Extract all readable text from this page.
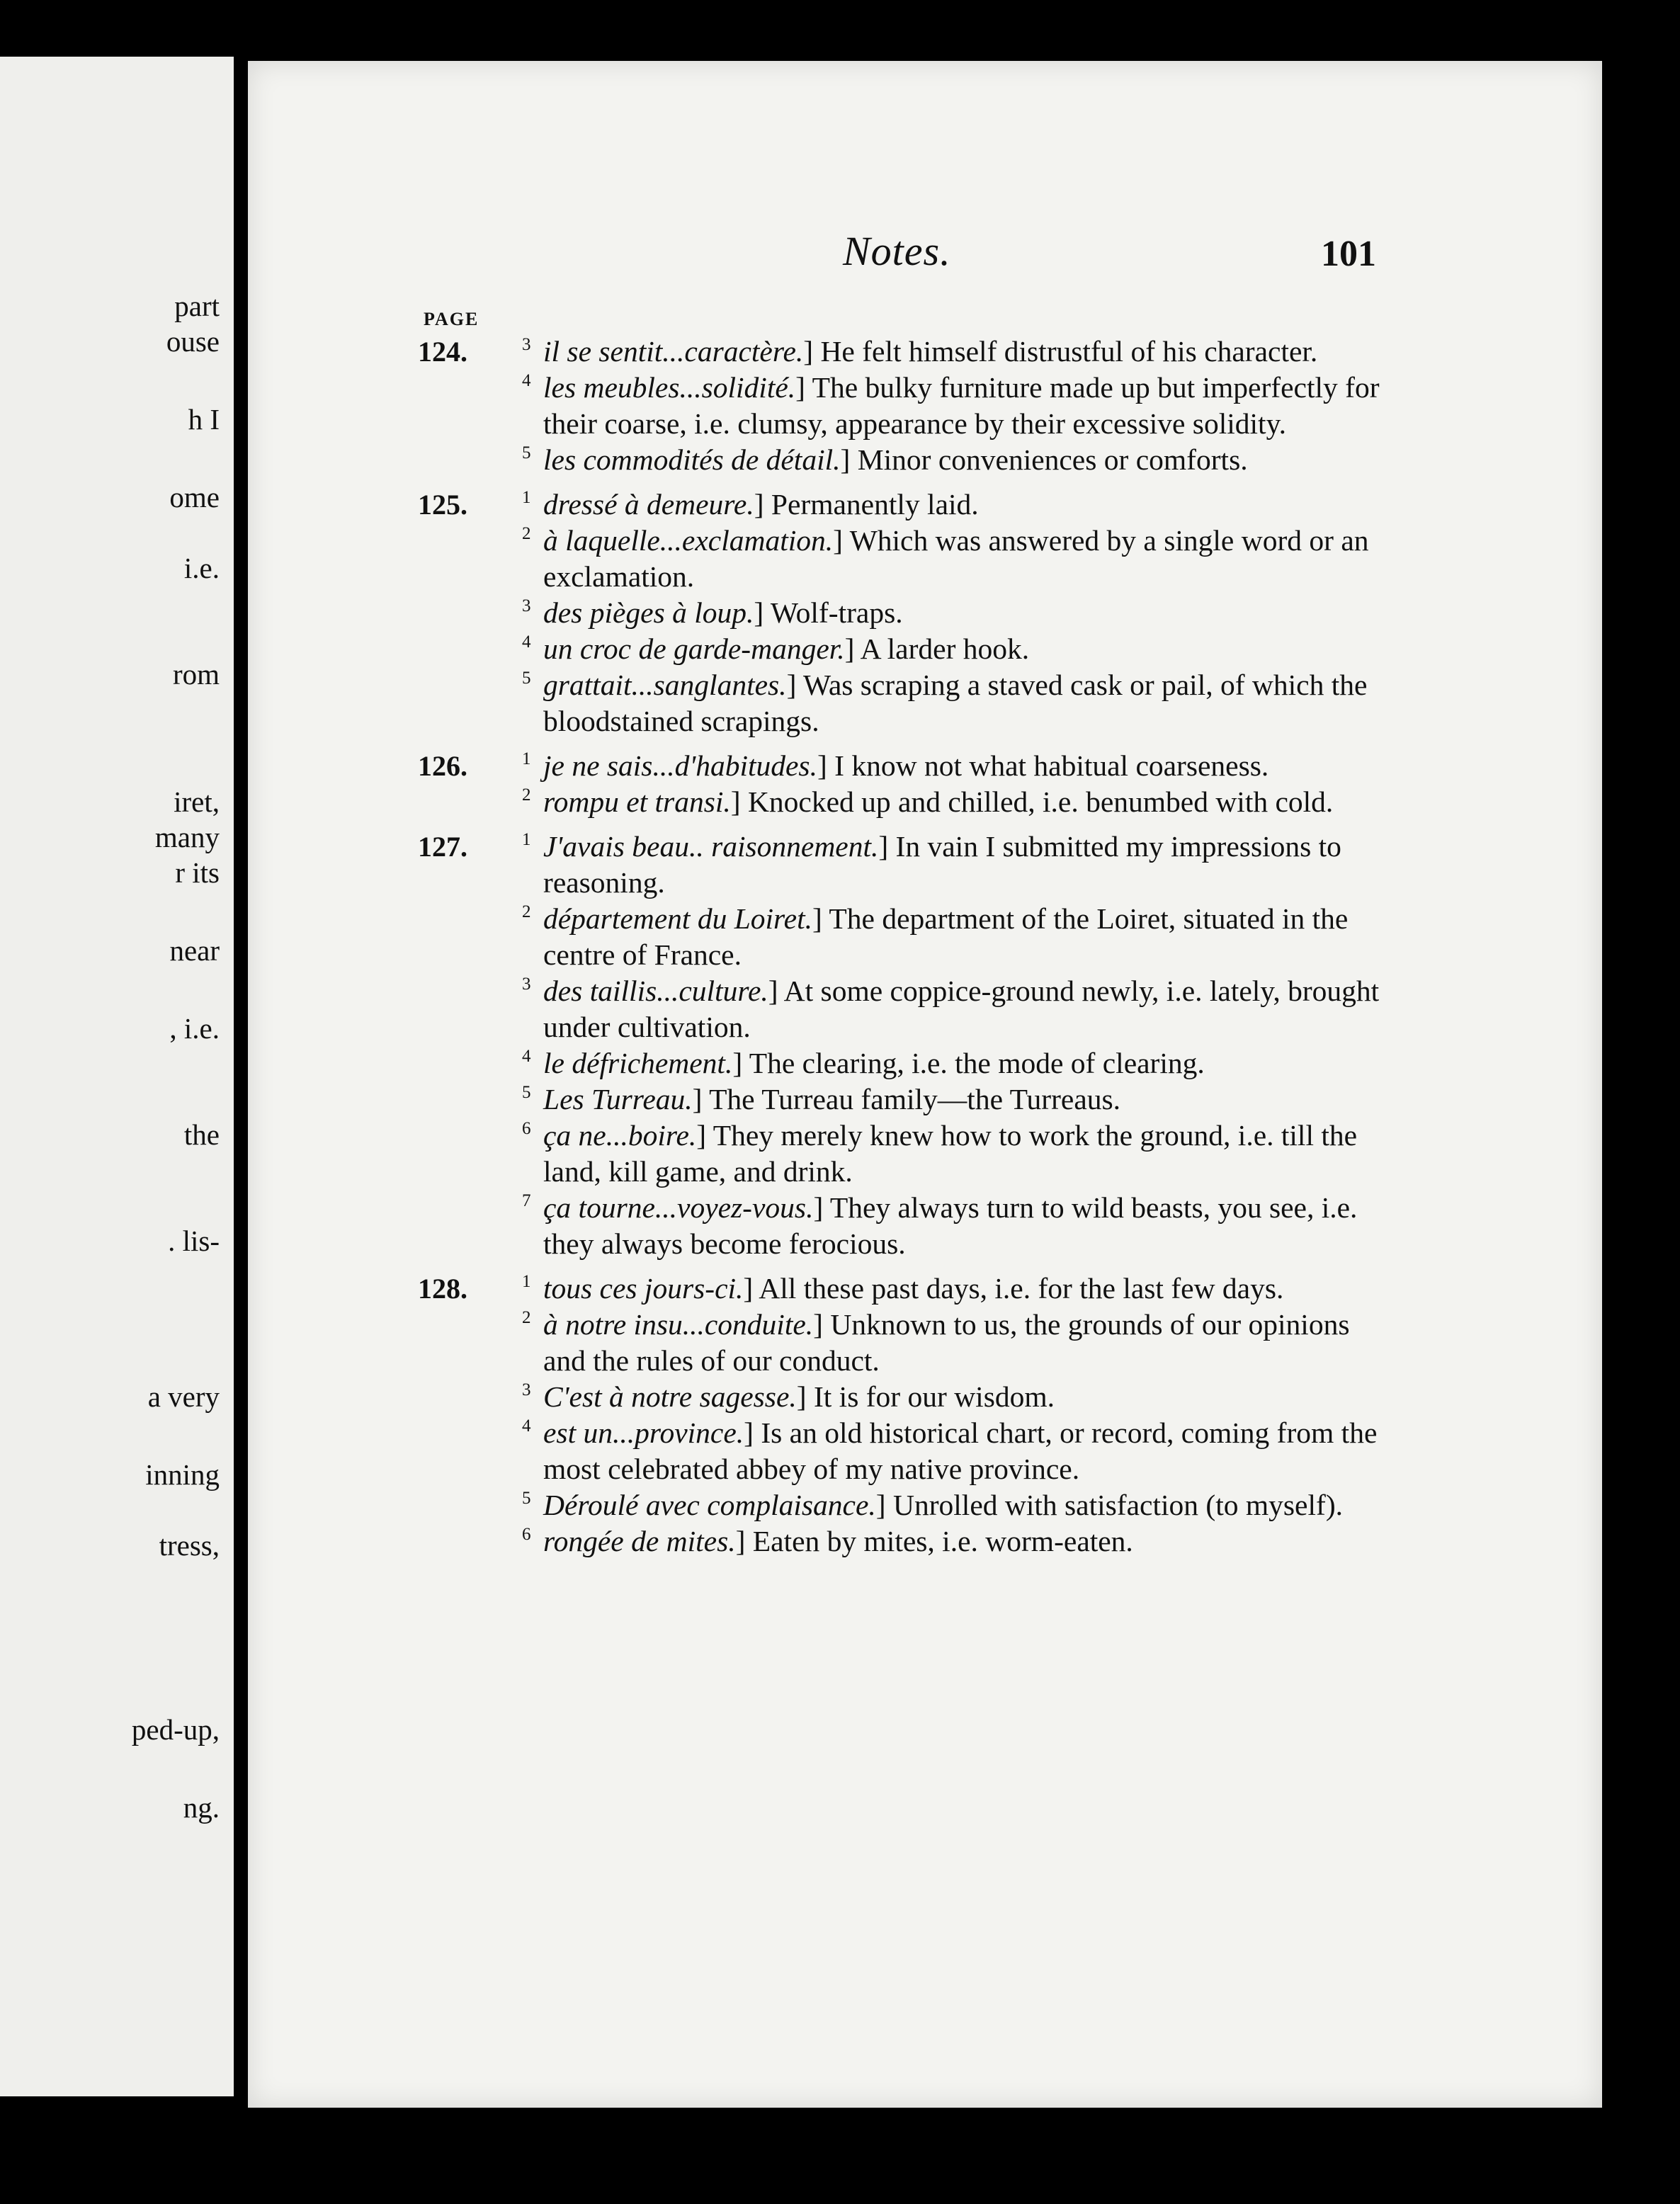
part
ouse
h I
ome
i.e.
rom
iret,
many
r its
near
, i.e.
the
. lis-
a very
inning
tress,
ped-up,
ng.
Notes.	101
PAGE
124.	$^3$ il se sentit...caractère.] He felt himself distrustful of his character.
$^4$ les meubles...solidité.] The bulky furniture made up but imperfectly for their coarse, i.e. clumsy, appearance by their excessive solidity.
$^5$ les commodités de détail.] Minor conveniences or comforts.
125.	$^1$ dressé à demeure.] Permanently laid.
$^2$ à laquelle...exclamation.] Which was answered by a single word or an exclamation.
$^3$ des pièges à loup.] Wolf-traps.
$^4$ un croc de garde-manger.] A larder hook.
$^5$ grattait...sanglantes.] Was scraping a staved cask or pail, of which the bloodstained scrapings.
126.	$^1$ je ne sais...d'habitudes.] I know not what habitual coarseness.
$^2$ rompu et transi.] Knocked up and chilled, i.e. benumbed with cold.
127.	$^1$ J'avais beau.. raisonnement.] In vain I submitted my impressions to reasoning.
$^2$ département du Loiret.] The department of the Loiret, situated in the centre of France.
$^3$ des taillis...culture.] At some coppice-ground newly, i.e. lately, brought under cultivation.
$^4$ le défrichement.] The clearing, i.e. the mode of clearing.
$^5$ Les Turreau.] The Turreau family—the Turreaus.
$^6$ ça ne...boire.] They merely knew how to work the ground, i.e. till the land, kill game, and drink.
$^7$ ça tourne...voyez-vous.] They always turn to wild beasts, you see, i.e. they always become ferocious.
128.	$^1$ tous ces jours-ci.] All these past days, i.e. for the last few days.
$^2$ à notre insu...conduite.] Unknown to us, the grounds of our opinions and the rules of our conduct.
$^3$ C'est à notre sagesse.] It is for our wisdom.
$^4$ est un...province.] Is an old historical chart, or record, coming from the most celebrated abbey of my native province.
$^5$ Déroulé avec complaisance.] Unrolled with satisfaction (to myself).
$^6$ rongée de mites.] Eaten by mites, i.e. worm-eaten.
